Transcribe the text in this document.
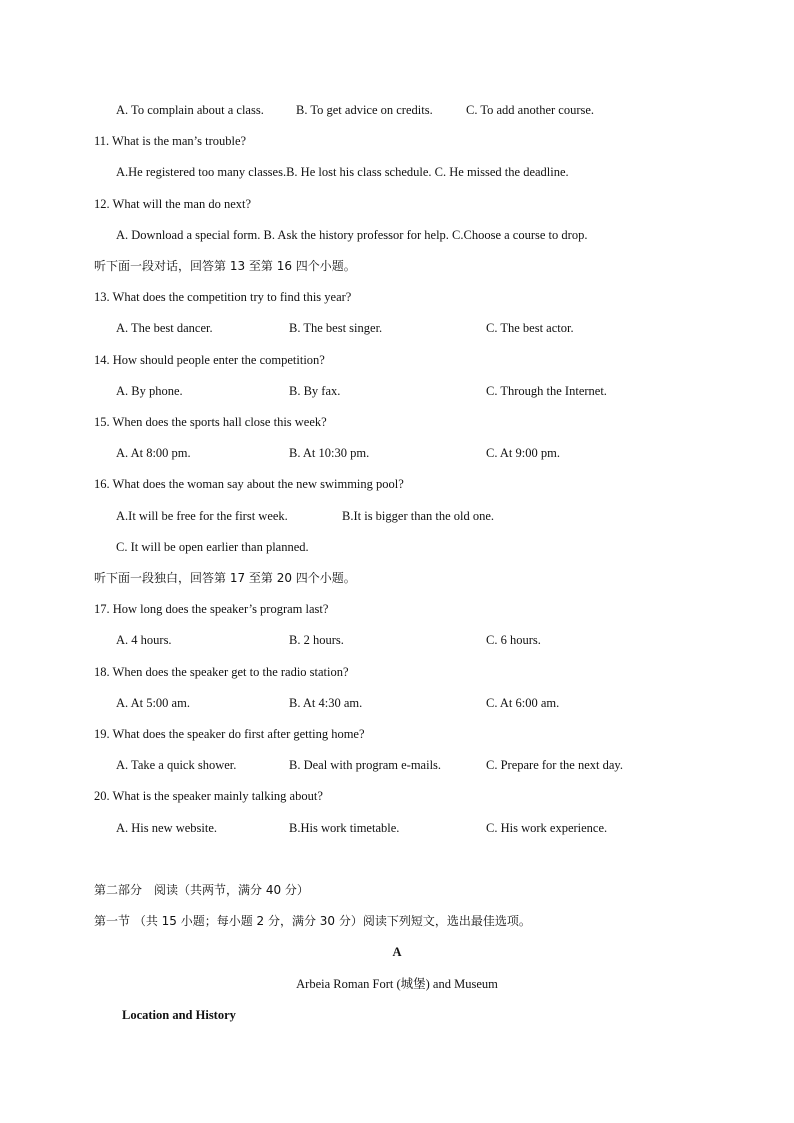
A. To complain about a class.	B. To get advice on credits.	C. To add another course.
11. What is the man’s trouble?
A.He registered too many classes.B. He lost his class schedule. C. He missed the deadline.
12. What will the man do next?
A. Download a special form. B. Ask the history professor for help. C.Choose a course to drop.
听下面一段对话，回答第 13 至第 16 四个小题。
13. What does the competition try to find this year?
A. The best dancer.	B. The best singer.	C. The best actor.
14. How should people enter the competition?
A. By phone.	B. By fax.	C. Through the Internet.
15. When does the sports hall close this week?
A. At 8:00 pm.	B. At 10:30 pm.	C. At 9:00 pm.
16. What does the woman say about the new swimming pool?
A.It will be free for the first week.	B.It is bigger than the old one.
C. It will be open earlier than planned.
听下面一段独白，回答第 17 至第 20 四个小题。
17. How long does the speaker’s program last?
A. 4 hours.	B. 2 hours.	C. 6 hours.
18. When does the speaker get to the radio station?
A. At 5:00 am.	B. At 4:30 am.	C. At 6:00 am.
19. What does the speaker do first after getting home?
A. Take a quick shower.	B. Deal with program e-mails.	C. Prepare for the next day.
20. What is the speaker mainly talking about?
A. His new website.	B.His work timetable.	C. His work experience.
第二部分　阅读（共两节，满分 40 分）
第一节 （共 15 小题；每小题 2 分，满分 30 分）阅读下列短文，选出最佳选项。
A
Arbeia Roman Fort (城堡) and Museum
Location and History
